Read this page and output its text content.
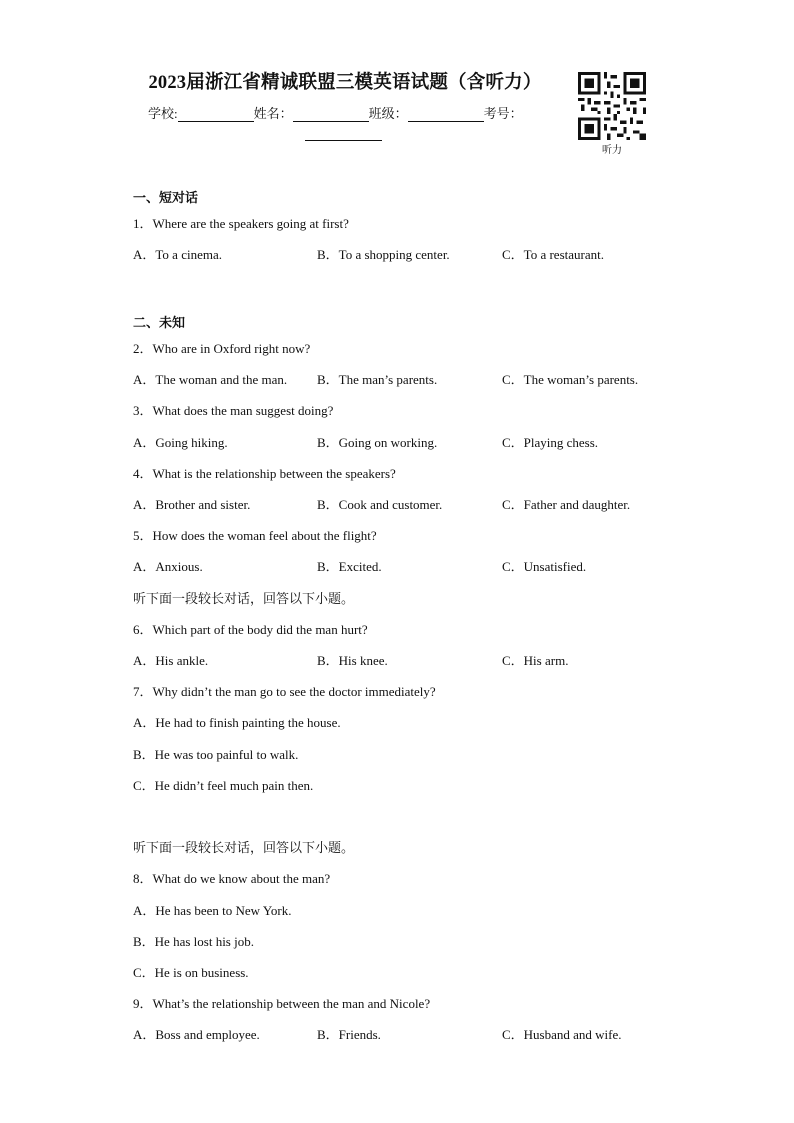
2023届浙江省精诚联盟三模英语试题（含听力）
学校:	姓名：	班级：	考号：
听力
一、短对话
1．Where are the speakers going at first?
A．To a cinema.	B．To a shopping center.	C．To a restaurant.
二、未知
2．Who are in Oxford right now?
A．The woman and the man. B．The man’s parents.	C．The woman’s parents.
3．What does the man suggest doing?
A．Going hiking.	B．Going on working.	C．Playing chess.
4．What is the relationship between the speakers?
A．Brother and sister.	B．Cook and customer.	C．Father and daughter.
5．How does the woman feel about the flight?
A．Anxious.	B．Excited.	C．Unsatisfied.
听下面一段较长对话，回答以下小题。
6．Which part of the body did the man hurt?
A．His ankle.	B．His knee.	C．His arm.
7．Why didn’t the man go to see the doctor immediately?
A．He had to finish painting the house.
B．He was too painful to walk.
C．He didn’t feel much pain then.
听下面一段较长对话，回答以下小题。
8．What do we know about the man?
A．He has been to New York.
B．He has lost his job.
C．He is on business.
9．What’s the relationship between the man and Nicole?
A．Boss and employee.	B．Friends.	C．Husband and wife.
